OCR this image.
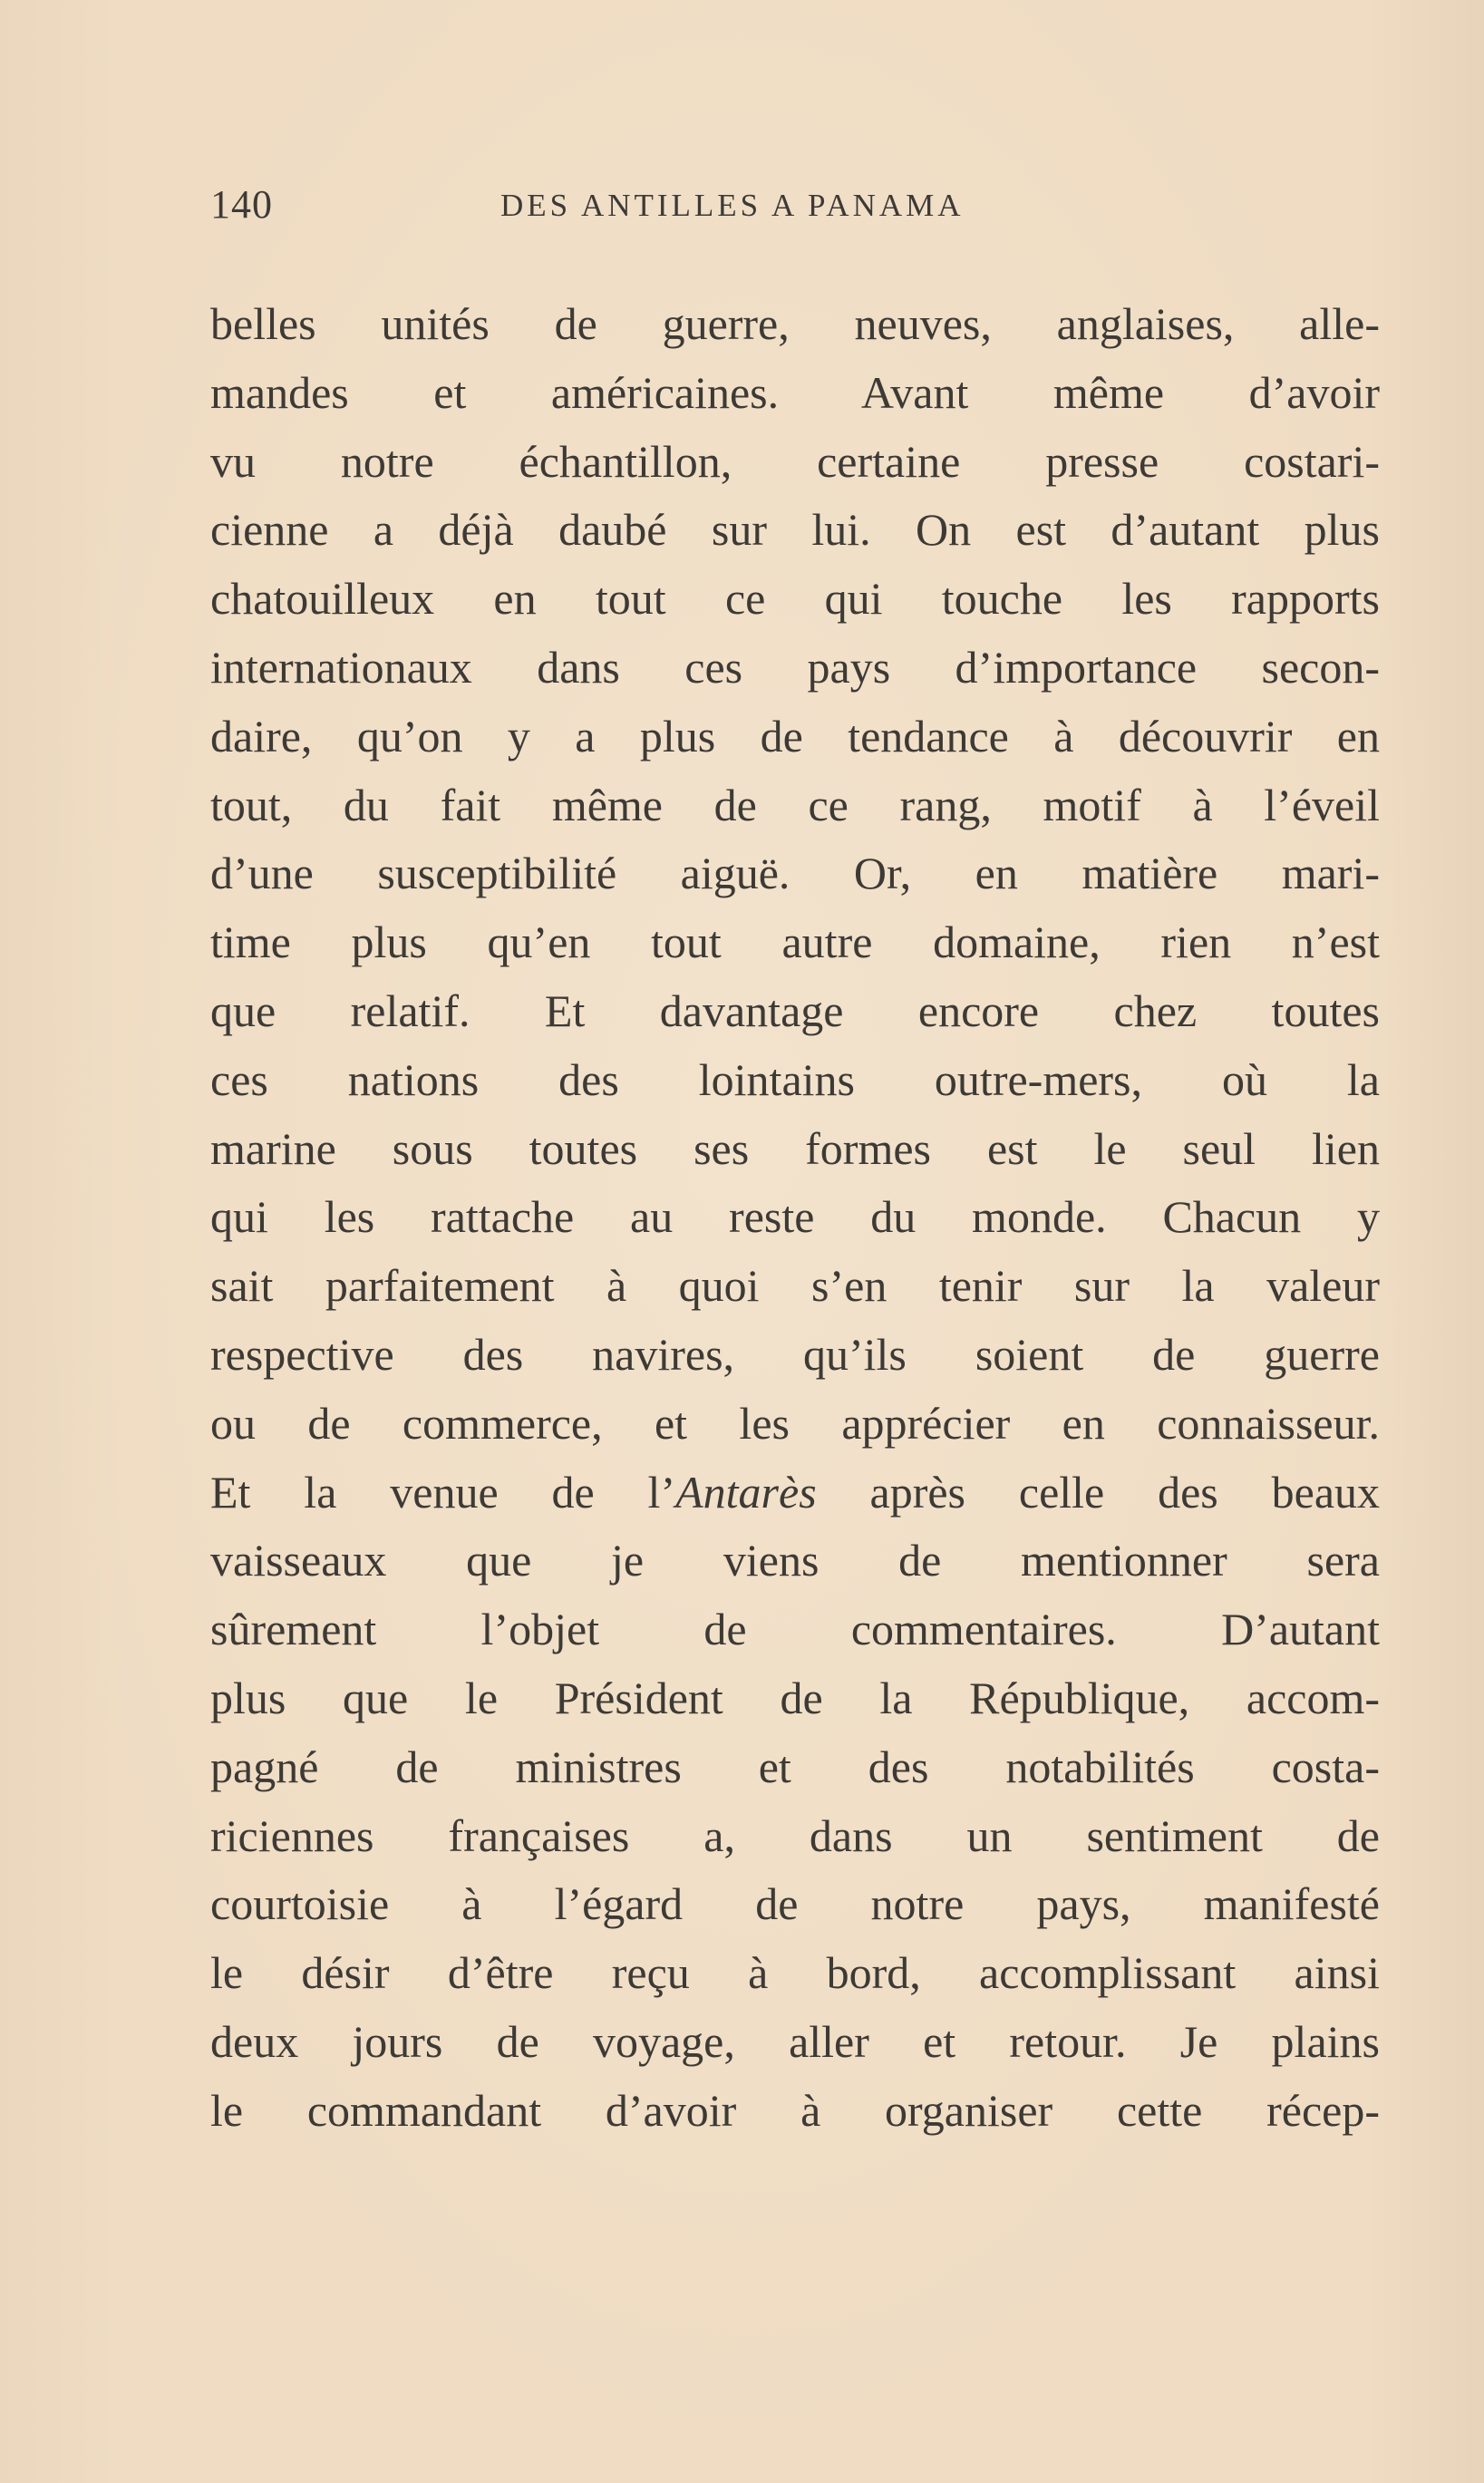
140	DES ANTILLES A PANAMA
belles unités de guerre, neuves, anglaises, alle-
mandes et américaines. Avant même d’avoir
vu notre échantillon, certaine presse costari-
cienne a déjà daubé sur lui. On est d’autant plus
chatouilleux en tout ce qui touche les rapports
internationaux dans ces pays d’importance secon-
daire, qu’on y a plus de tendance à découvrir en
tout, du fait même de ce rang, motif à l’éveil
d’une susceptibilité aiguë. Or, en matière mari-
time plus qu’en tout autre domaine, rien n’est
que relatif. Et davantage encore chez toutes
ces nations des lointains outre-mers, où la
marine sous toutes ses formes est le seul lien
qui les rattache au reste du monde. Chacun y
sait parfaitement à quoi s’en tenir sur la valeur
respective des navires, qu’ils soient de guerre
ou de commerce, et les apprécier en connaisseur.
Et la venue de l’Antarès après celle des beaux
vaisseaux que je viens de mentionner sera
sûrement l’objet de commentaires. D’autant
plus que le Président de la République, accom-
pagné de ministres et des notabilités costa-
riciennes françaises a, dans un sentiment de
courtoisie à l’égard de notre pays, manifesté
le désir d’être reçu à bord, accomplissant ainsi
deux jours de voyage, aller et retour. Je plains
le commandant d’avoir à organiser cette récep-
